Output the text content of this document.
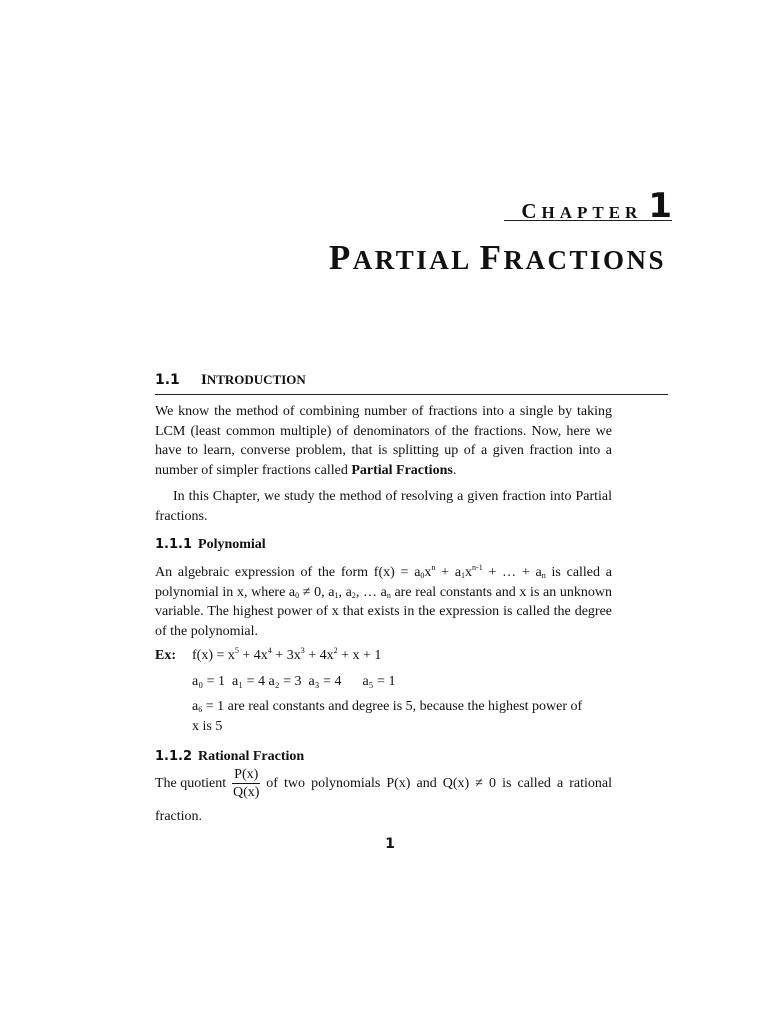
CHAPTER 1
PARTIAL FRACTIONS
1.1 INTRODUCTION
We know the method of combining number of fractions into a single by taking LCM (least common multiple) of denominators of the fractions. Now, here we have to learn, converse problem, that is splitting up of a given fraction into a number of simpler fractions called Partial Fractions.
In this Chapter, we study the method of resolving a given fraction into Partial fractions.
1.1.1 Polynomial
An algebraic expression of the form $f(x) = a_0x^n + a_1x^{n-1}$ + … + $a_n$ is called a polynomial in x, where $a_0 \ne 0$, $a_1$, $a_2$, … $a_n$ are real constants and x is an unknown variable. The highest power of x that exists in the expression is called the degree of the polynomial.
Ex: $f(x) = x^5 + 4x^4 + 3x^3 + 4x^2 + x + 1$
a₀ = 1  a₁ = 4 a₂ = 3  a₃ = 4      a₅ = 1
$a_6 = 1$ are real constants and degree is 5, because the highest power of
x is 5
1.1.2 Rational Fraction
The quotient $\frac{P(x)}{Q(x)}$ of two polynomials P(x) and Q(x) ≠ 0 is called a rational
fraction.
1
